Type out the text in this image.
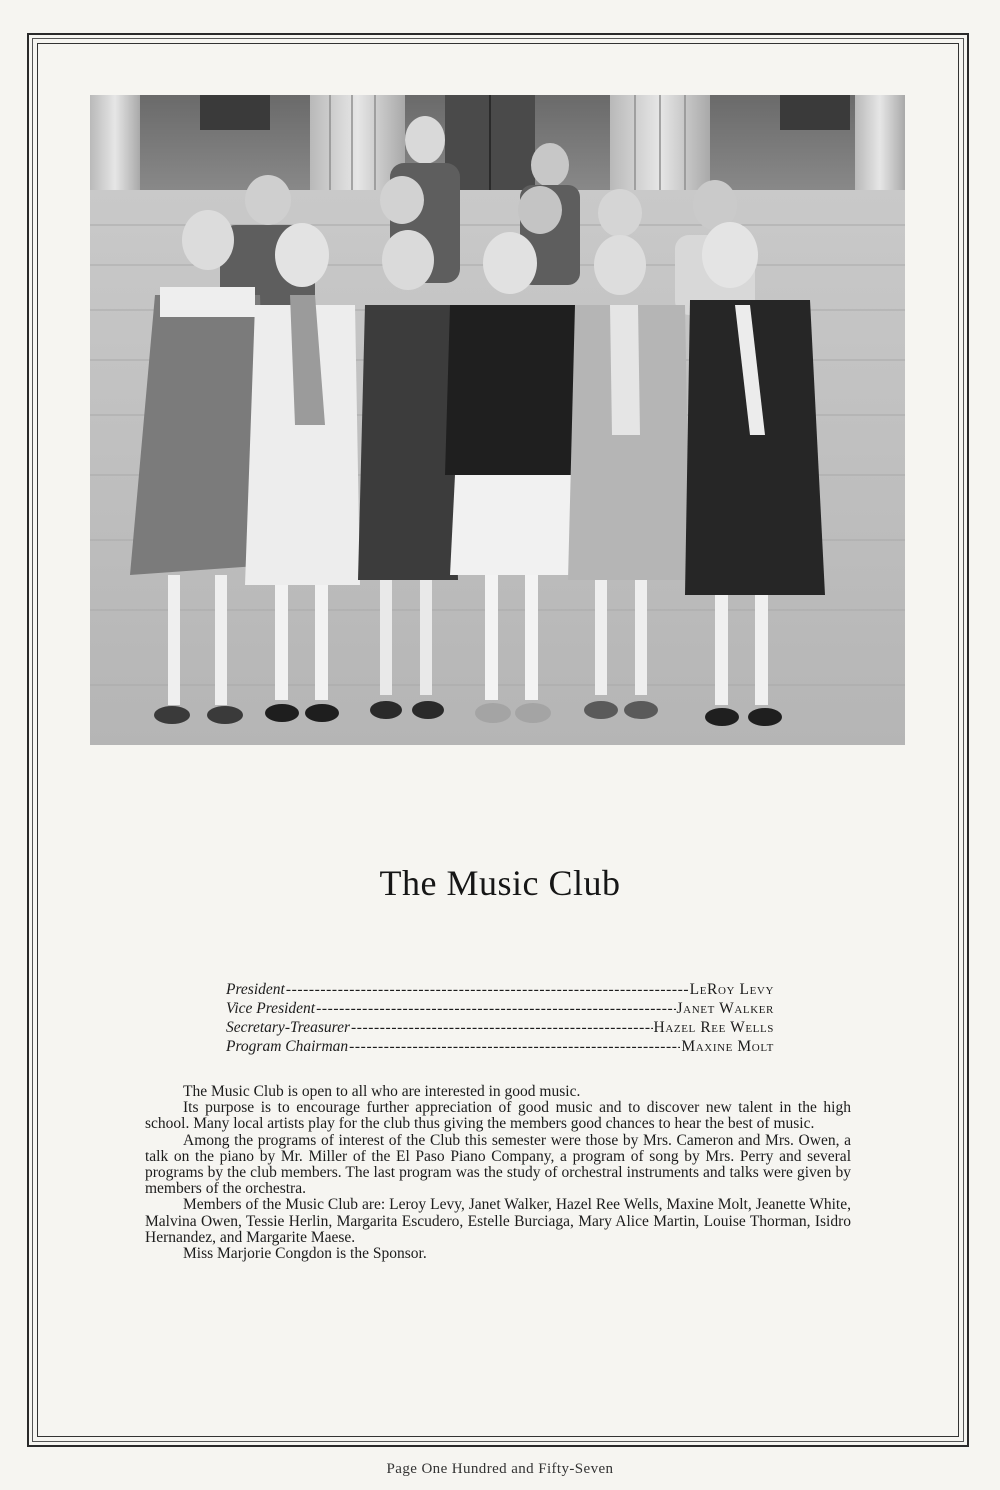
The Music Club
President -----	LeRoy Levy
Vice President -----	Janet Walker
Secretary-Treasurer -----	Hazel Ree Wells
Program Chairman -----	Maxine Molt

The Music Club is open to all who are interested in good music.

Its purpose is to encourage further appreciation of good music and to discover new talent in the high school. Many local artists play for the club thus giving the members good chances to hear the best of music.

Among the programs of interest of the Club this semester were those by Mrs. Cameron and Mrs. Owen, a talk on the piano by Mr. Miller of the El Paso Piano Company, a program of song by Mrs. Perry and several programs by the club members. The last program was the study of orchestral instruments and talks were given by members of the orchestra.

Members of the Music Club are: Leroy Levy, Janet Walker, Hazel Ree Wells, Maxine Molt, Jeanette White, Malvina Owen, Tessie Herlin, Margarita Escudero, Estelle Burciaga, Mary Alice Martin, Louise Thorman, Isidro Hernandez, and Margarite Maese.

Miss Marjorie Congdon is the Sponsor.

Page One Hundred and Fifty-Seven
